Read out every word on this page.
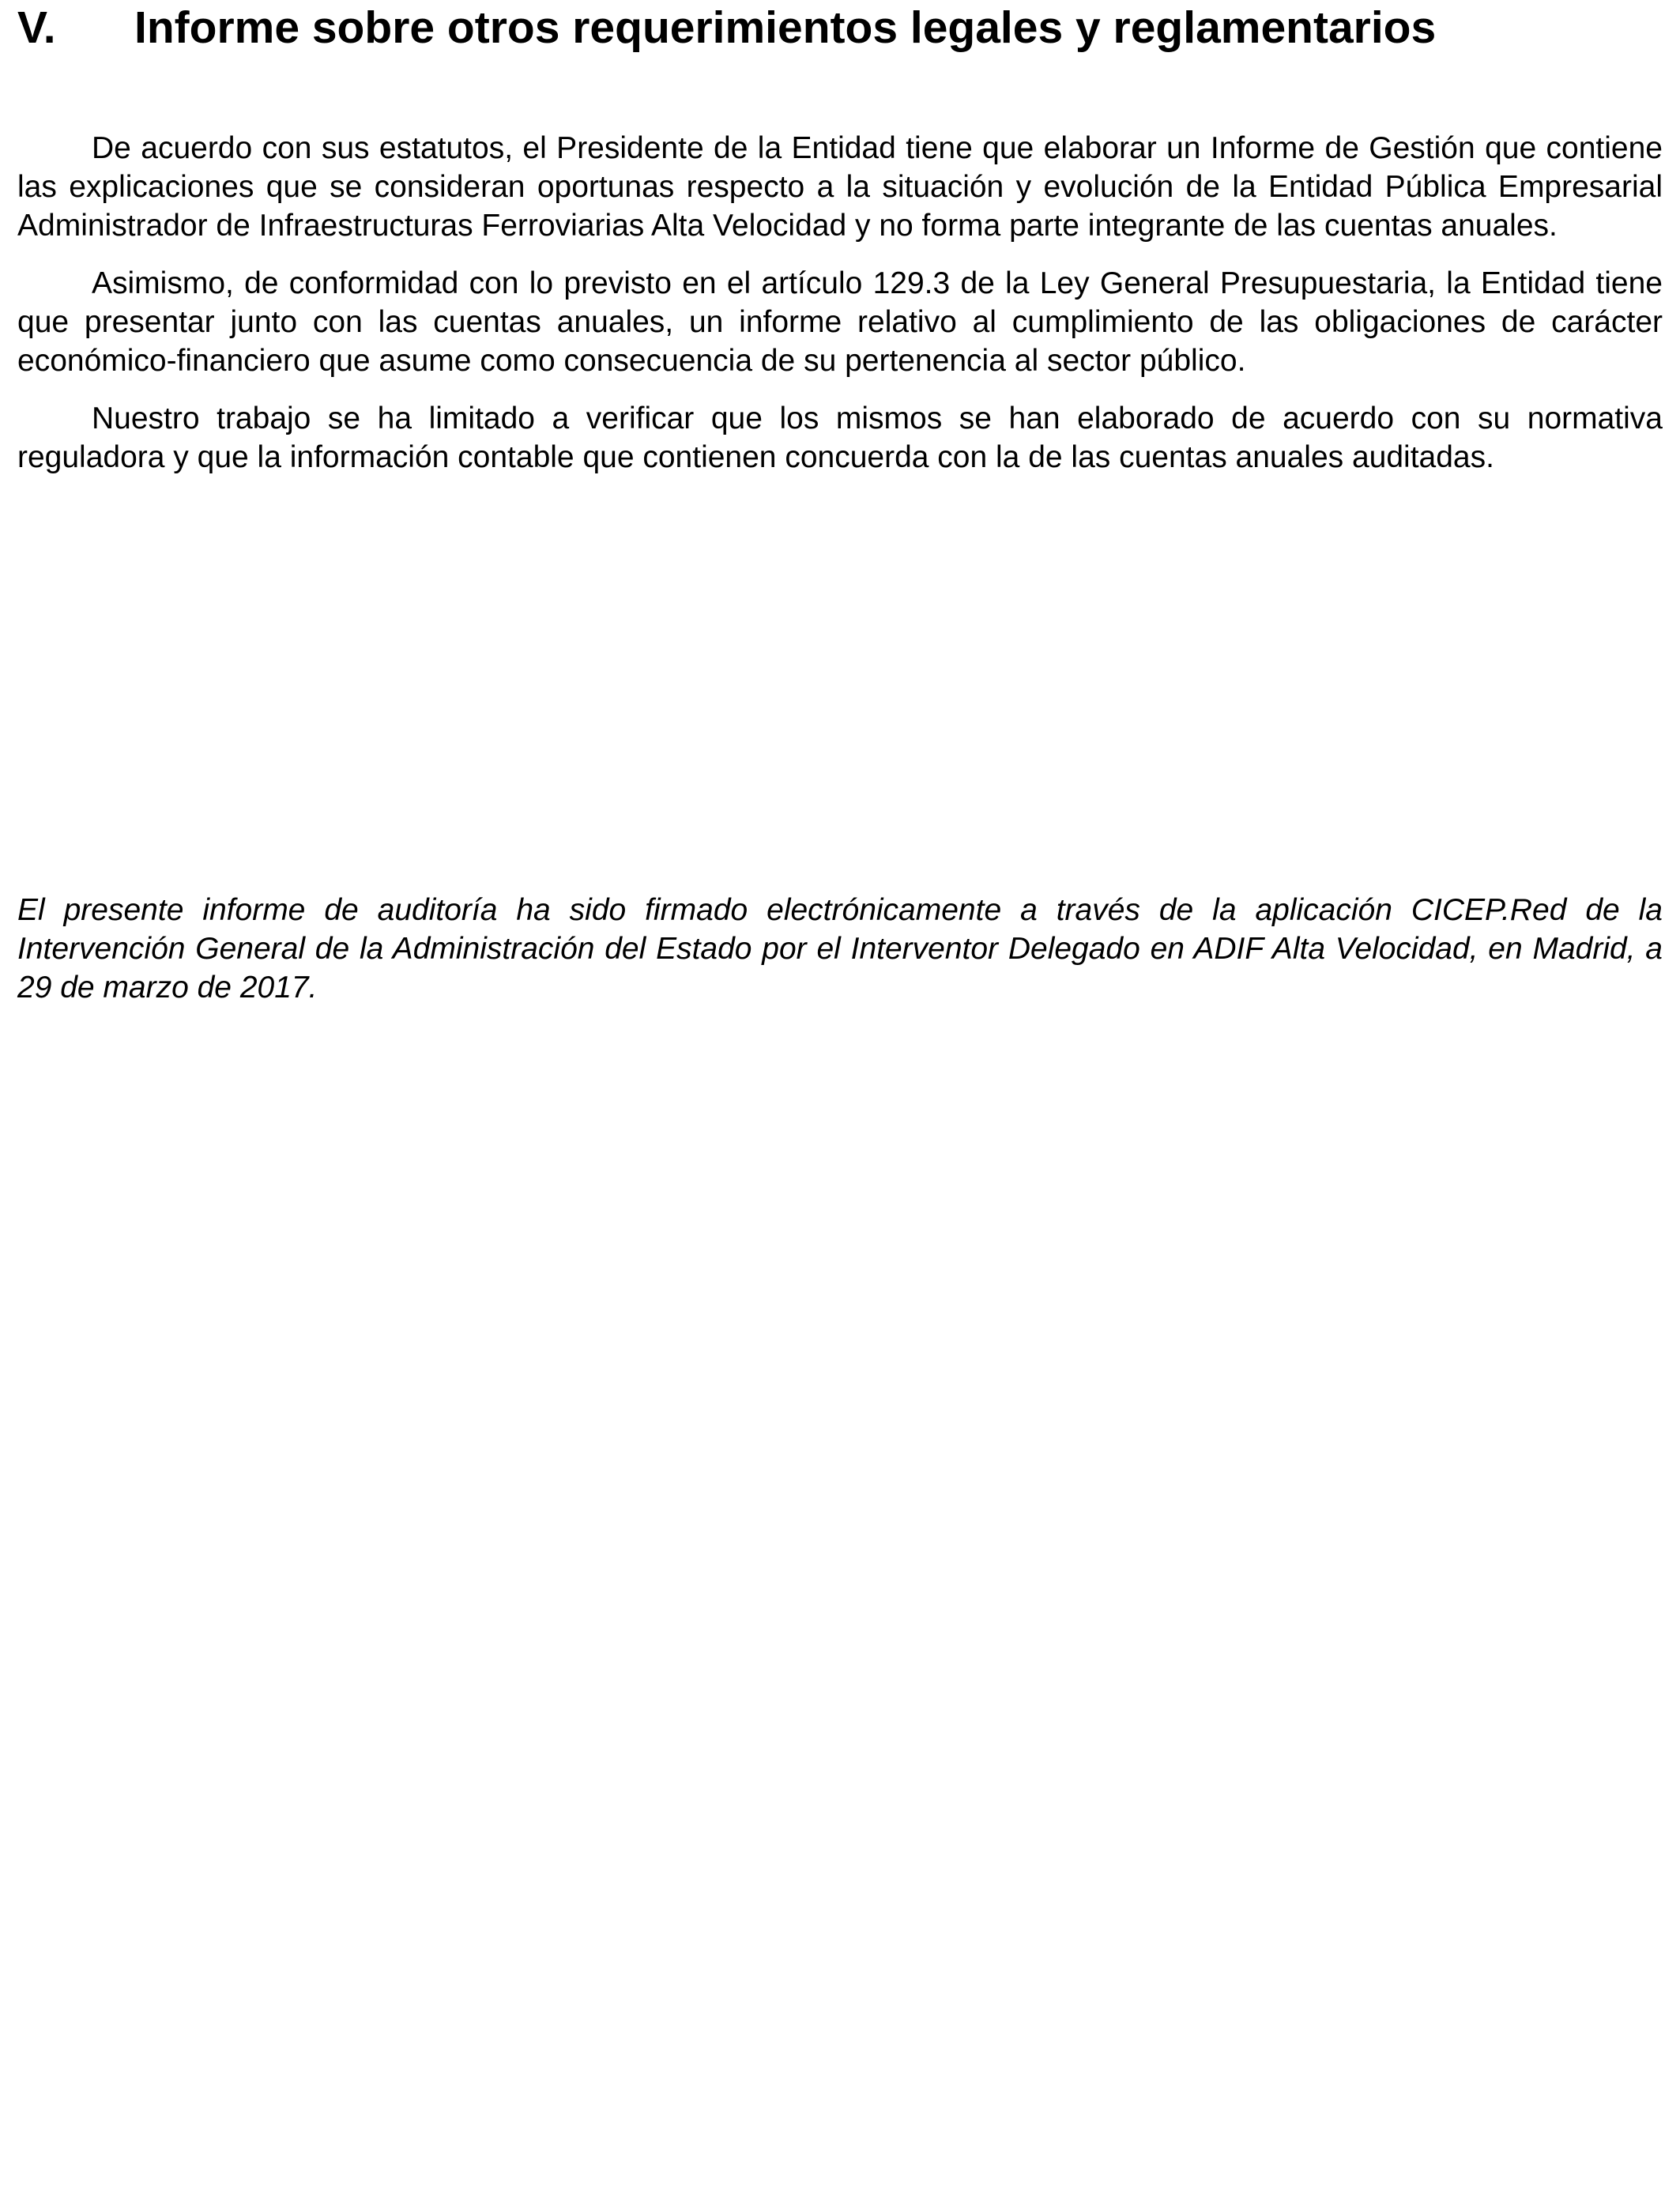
V. Informe sobre otros requerimientos legales y reglamentarios

De acuerdo con sus estatutos, el Presidente de la Entidad tiene que elaborar un Informe de Gestión que contiene las explicaciones que se consideran oportunas respecto a la situación y evolución de la Entidad Pública Empresarial Administrador de Infraestructuras Ferroviarias Alta Velocidad y no forma parte integrante de las cuentas anuales.

Asimismo, de conformidad con lo previsto en el artículo 129.3 de la Ley General Presupuestaria, la Entidad tiene que presentar junto con las cuentas anuales, un informe relativo al cumplimiento de las obligaciones de carácter económico-financiero que asume como consecuencia de su pertenencia al sector público.

Nuestro trabajo se ha limitado a verificar que los mismos se han elaborado de acuerdo con su normativa reguladora y que la información contable que contienen concuerda con la de las cuentas anuales auditadas.

El presente informe de auditoría ha sido firmado electrónicamente a través de la aplicación CICEP.Red de la Intervención General de la Administración del Estado por el Interventor Delegado en ADIF Alta Velocidad, en Madrid, a 29 de marzo de 2017.
